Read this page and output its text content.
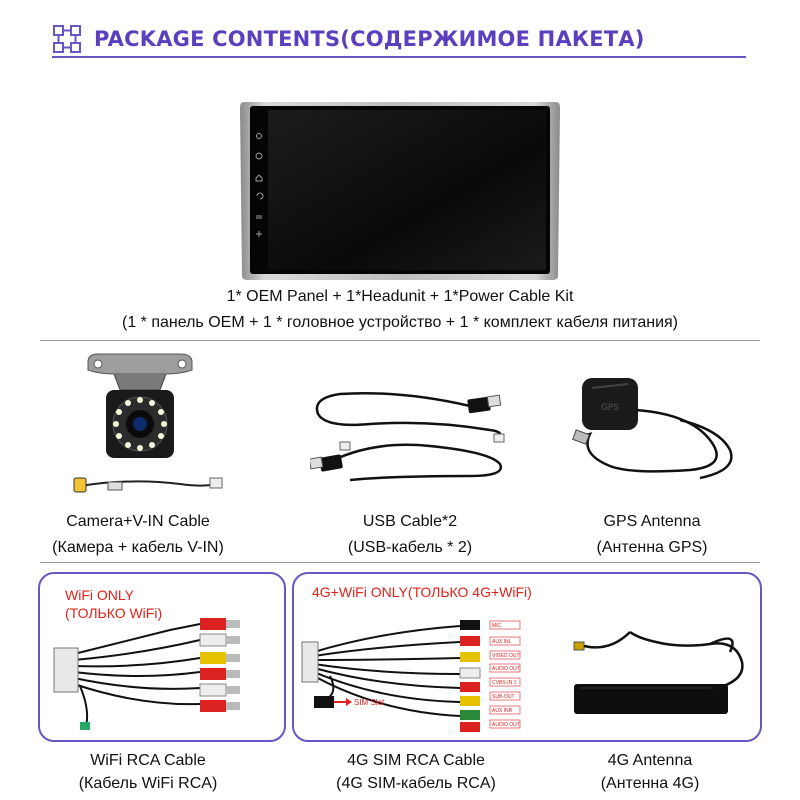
PACKAGE CONTENTS(СОДЕРЖИМОЕ ПАКЕТА)
1* OEM Panel + 1*Headunit + 1*Power Cable Kit
(1 * панель OEM + 1 * головное устройство + 1 * комплект кабеля питания)
GPS
Camera+V-IN Cable
(Камера + кабель V-IN)
USB Cable*2
(USB-кабель * 2)
GPS Antenna
(Антенна GPS)
WiFi ONLY
(ТОЛЬКО WiFi)
WiFi RCA Cable
(Кабель WiFi RCA)
4G+WiFi ONLY(ТОЛЬКО 4G+WiFi)
SIM Slot
MIC
AUX INL
VIDEO OUT
AUDIO OUT
CVBS-IN 1
SUB-OUT
AUX INR
AUDIO OUT
4G SIM RCA Cable
(4G SIM-кабель RCA)
4G Antenna
(Антенна 4G)
